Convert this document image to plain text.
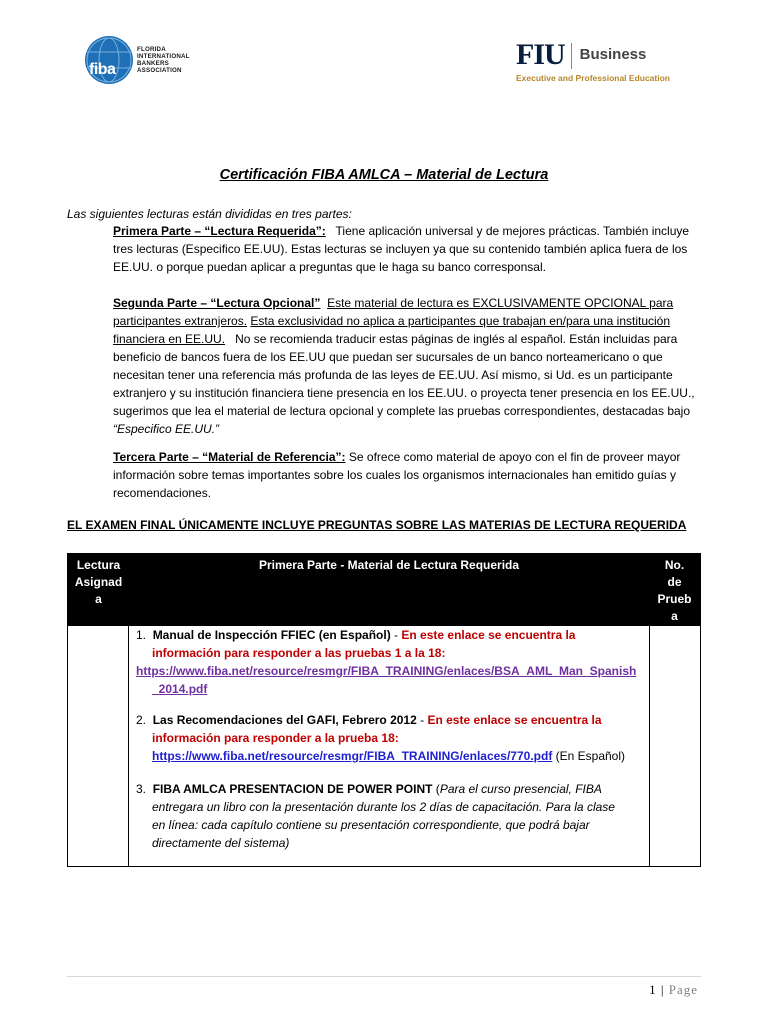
fiba
FLORIDA
INTERNATIONAL
BANKERS
ASSOCIATION	FIU Business
Executive and Professional Education
Certificación FIBA AMLCA – Material de Lectura
Las siguientes lecturas están divididas en tres partes:
Primera Parte – “Lectura Requerida”: Tiene aplicación universal y de mejores prácticas. También incluye tres lecturas (Especifico EE.UU). Estas lecturas se incluyen ya que su contenido también aplica fuera de los EE.UU. o porque puedan aplicar a preguntas que le haga su banco corresponsal.
Segunda Parte – “Lectura Opcional” Este material de lectura es EXCLUSIVAMENTE OPCIONAL para participantes extranjeros. Esta exclusividad no aplica a participantes que trabajan en/para una institución financiera en EE.UU. No se recomienda traducir estas páginas de inglés al español. Están incluidas para beneficio de bancos fuera de los EE.UU que puedan ser sucursales de un banco norteamericano o que necesitan tener una referencia más profunda de las leyes de EE.UU. Así mismo, si Ud. es un participante extranjero y su institución financiera tiene presencia en los EE.UU. o proyecta tener presencia en los EE.UU., sugerimos que lea el material de lectura opcional y complete las pruebas correspondientes, destacadas bajo “Especifico EE.UU.”
Tercera Parte – “Material de Referencia”: Se ofrece como material de apoyo con el fin de proveer mayor información sobre temas importantes sobre los cuales los organismos internacionales han emitido guías y recomendaciones.
EL EXAMEN FINAL ÚNICAMENTE INCLUYE PREGUNTAS SOBRE LAS MATERIAS DE LECTURA REQUERIDA
Lectura
Asignad
a
Primera Parte - Material de Lectura Requerida	No.
de
Prueb
a
1. Manual de Inspección FFIEC (en Español) - En este enlace se encuentra la
información para responder a las pruebas 1 a la 18:
https://www.fiba.net/resource/resmgr/FIBA_TRAINING/enlaces/BSA_AML_Man_Spanish
_2014.pdf
2. Las Recomendaciones del GAFI, Febrero 2012 - En este enlace se encuentra la
información para responder a la prueba 18:
https://www.fiba.net/resource/resmgr/FIBA_TRAINING/enlaces/770.pdf (En Español)
3. FIBA AMLCA PRESENTACION DE POWER POINT (Para el curso presencial, FIBA
entregara un libro con la presentación durante los 2 días de capacitación. Para la clase
en línea: cada capítulo contiene su presentación correspondiente, que podrá bajar
directamente del sistema)
1 | Page
